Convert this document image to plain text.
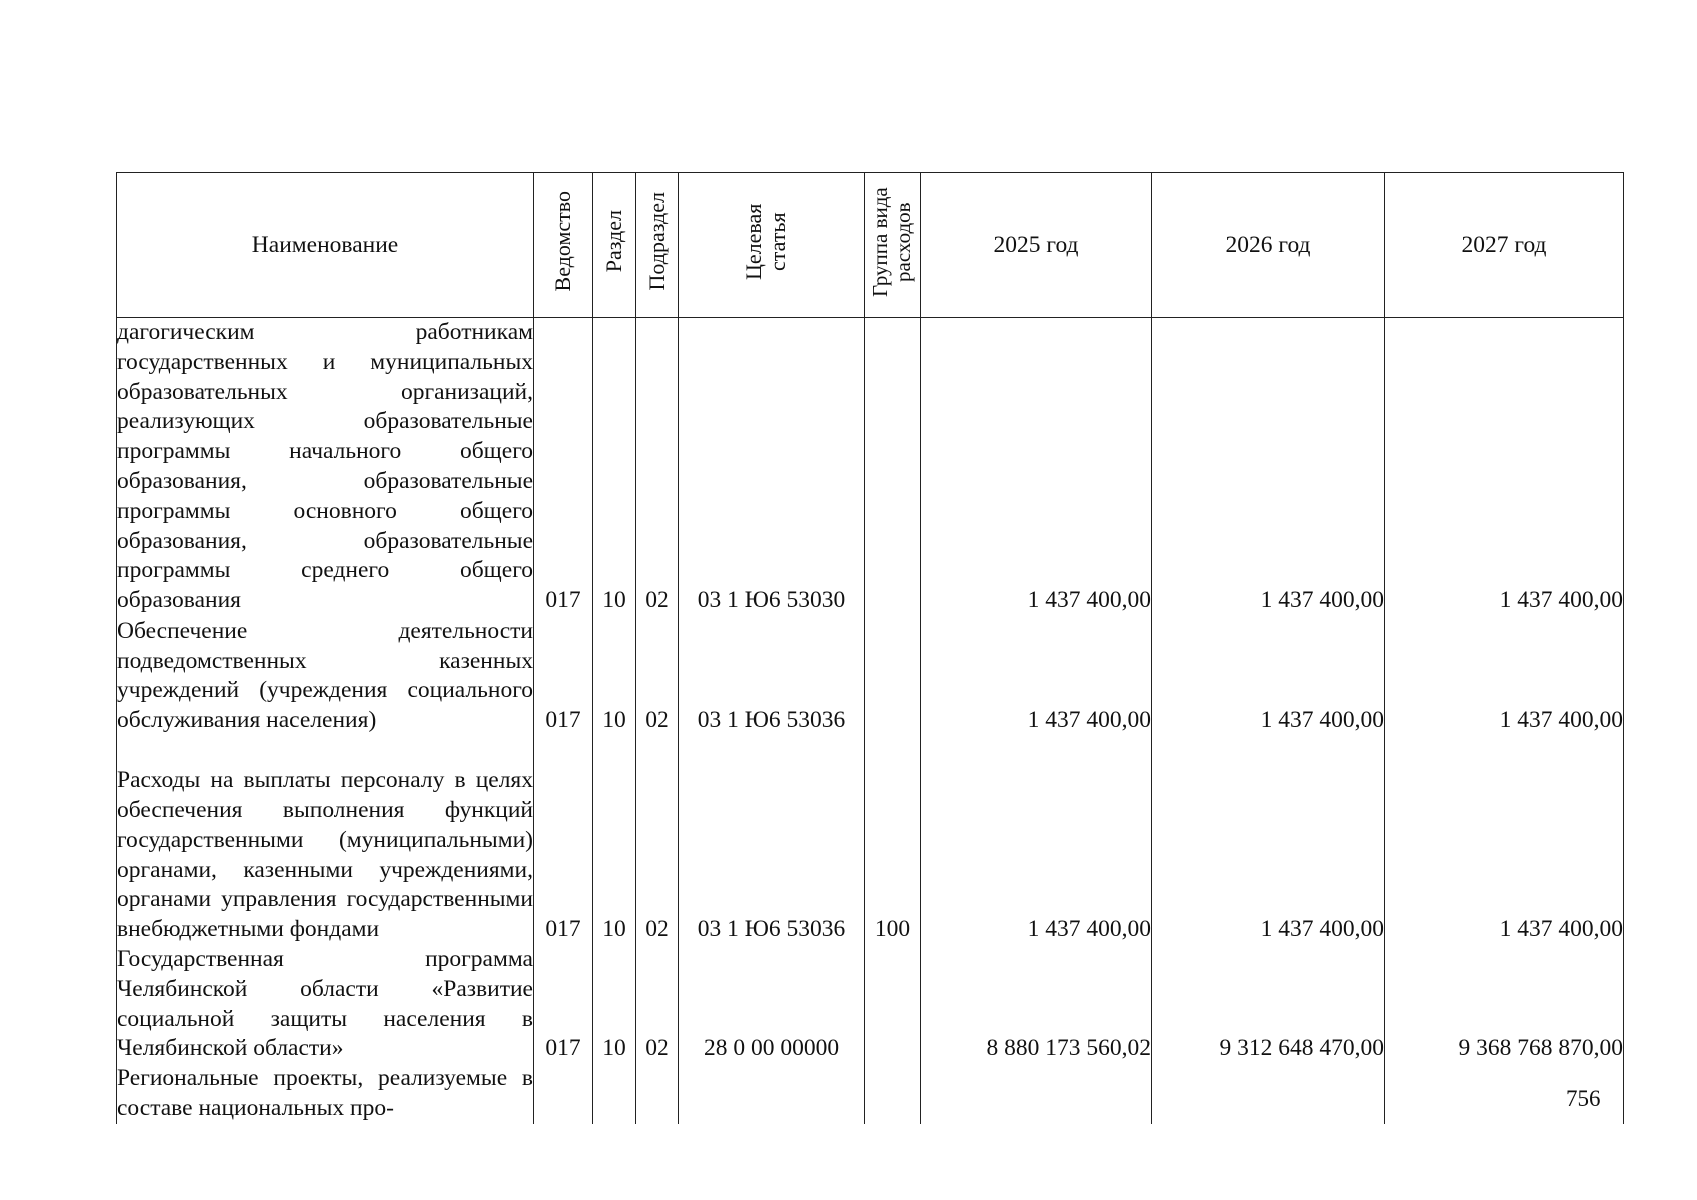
Наименование	Ведомство	Раздел	Подраздел	Целевая статья	Группа вида расходов	2025 год	2026 год	2027 год
дагогическим работникам государственных и муниципальных образовательных организаций, реализующих образовательные программы начального общего образования, образовательные программы основного общего образования, образовательные программы среднего общего образования	017	10	02	03 1 Ю6 53030		1 437 400,00	1 437 400,00	1 437 400,00
Обеспечение деятельности подведомственных казенных учреждений (учреждения социального обслуживания населения)	017	10	02	03 1 Ю6 53036		1 437 400,00	1 437 400,00	1 437 400,00
Расходы на выплаты персоналу в целях обеспечения выполнения функций государственными (муниципальными) органами, казенными учреждениями, органами управления государственными внебюджетными фондами	017	10	02	03 1 Ю6 53036	100	1 437 400,00	1 437 400,00	1 437 400,00
Государственная программа Челябинской области «Развитие социальной защиты населения в Челябинской области»	017	10	02	28 0 00 00000		8 880 173 560,02	9 312 648 470,00	9 368 768 870,00
Региональные проекты, реализуемые в составе национальных про-									756
